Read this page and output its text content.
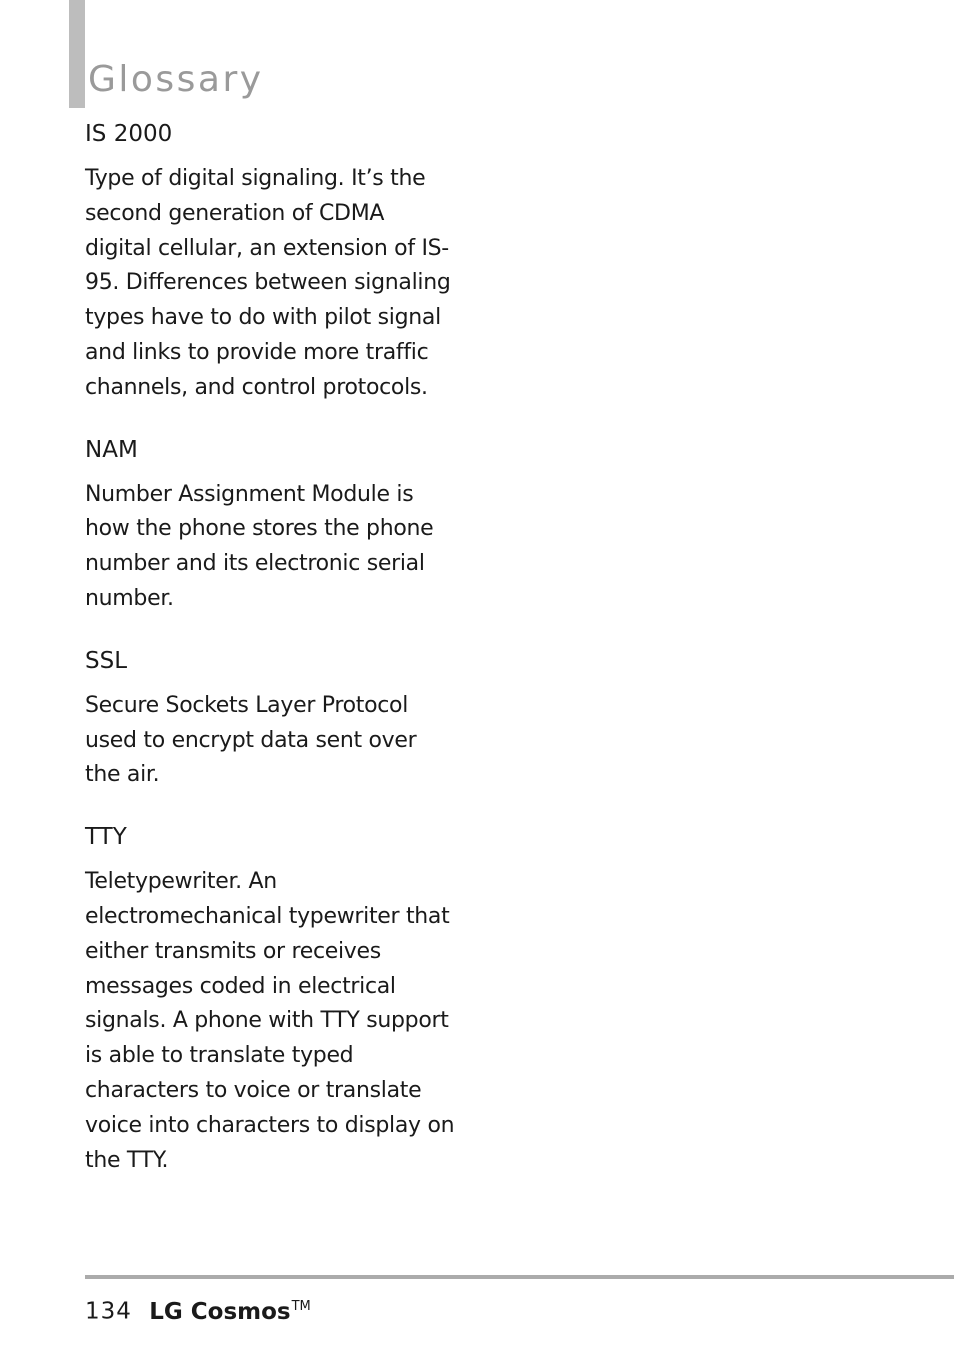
Glossary
IS 2000

Type of digital signaling. It’s the second generation of CDMA digital cellular, an extension of IS-95. Differences between signaling types have to do with pilot signal and links to provide more traffic channels, and control protocols.

NAM

Number Assignment Module is how the phone stores the phone number and its electronic serial number.

SSL

Secure Sockets Layer Protocol used to encrypt data sent over the air.

TTY

Teletypewriter. An electromechanical typewriter that either transmits or receives messages coded in electrical signals. A phone with TTY support is able to translate typed characters to voice or translate voice into characters to display on the TTY.

134 LG Cosmos™
